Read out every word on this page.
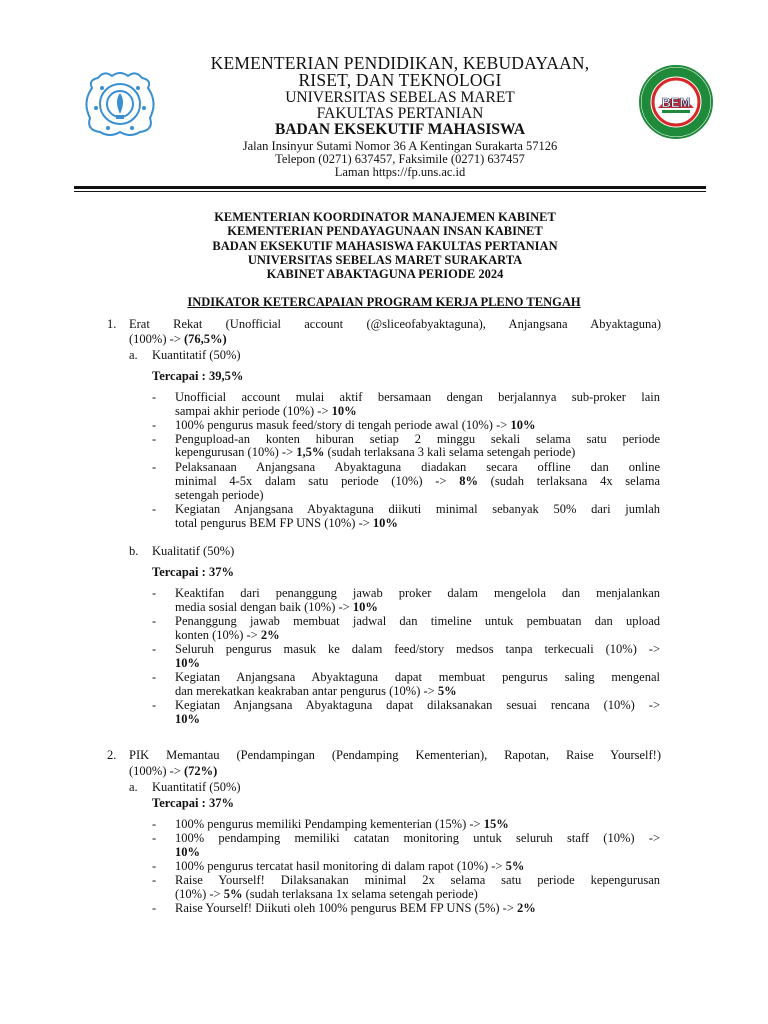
BEM
KEMENTERIAN PENDIDIKAN, KEBUDAYAAN,
RISET, DAN TEKNOLOGI
UNIVERSITAS SEBELAS MARET
FAKULTAS PERTANIAN
BADAN EKSEKUTIF MAHASISWA
Jalan Insinyur Sutami Nomor 36 A Kentingan Surakarta 57126
Telepon (0271) 637457, Faksimile (0271) 637457
Laman https://fp.uns.ac.id
KEMENTERIAN KOORDINATOR MANAJEMEN KABINET
KEMENTERIAN PENDAYAGUNAAN INSAN KABINET
BADAN EKSEKUTIF MAHASISWA FAKULTAS PERTANIAN
UNIVERSITAS SEBELAS MARET SURAKARTA
KABINET ABAKTAGUNA PERIODE 2024
INDIKATOR KETERCAPAIAN PROGRAM KERJA PLENO TENGAH
1. Erat Rekat (Unofficial account (@sliceofabyaktaguna), Anjangsana Abyaktaguna)
(100%) -> (76,5%)
a. Kuantitatif (50%)
Tercapai : 39,5%
- Unofficial account mulai aktif bersamaan dengan berjalannya sub-proker lain
sampai akhir periode (10%) -> 10%
- 100% pengurus masuk feed/story di tengah periode awal (10%) -> 10%
- Pengupload-an konten hiburan setiap 2 minggu sekali selama satu periode
kepengurusan (10%) -> 1,5% (sudah terlaksana 3 kali selama setengah periode)
- Pelaksanaan Anjangsana Abyaktaguna diadakan secara offline dan online
minimal 4-5x dalam satu periode (10%) -> 8% (sudah terlaksana 4x selama
setengah periode)
- Kegiatan Anjangsana Abyaktaguna diikuti minimal sebanyak 50% dari jumlah
total pengurus BEM FP UNS (10%) -> 10%
b. Kualitatif (50%)
Tercapai : 37%
- Keaktifan dari penanggung jawab proker dalam mengelola dan menjalankan
media sosial dengan baik (10%) -> 10%
- Penanggung jawab membuat jadwal dan timeline untuk pembuatan dan upload
konten (10%) -> 2%
- Seluruh pengurus masuk ke dalam feed/story medsos tanpa terkecuali (10%) ->
10%
- Kegiatan Anjangsana Abyaktaguna dapat membuat pengurus saling mengenal
dan merekatkan keakraban antar pengurus (10%) -> 5%
- Kegiatan Anjangsana Abyaktaguna dapat dilaksanakan sesuai rencana (10%) ->
10%
2. PIK Memantau (Pendampingan (Pendamping Kementerian), Rapotan, Raise Yourself!)
(100%) -> (72%)
a. Kuantitatif (50%)
Tercapai : 37%
- 100% pengurus memiliki Pendamping kementerian (15%) -> 15%
- 100% pendamping memiliki catatan monitoring untuk seluruh staff (10%) ->
10%
- 100% pengurus tercatat hasil monitoring di dalam rapot (10%) -> 5%
- Raise Yourself! Dilaksanakan minimal 2x selama satu periode kepengurusan
(10%) -> 5% (sudah terlaksana 1x selama setengah periode)
- Raise Yourself! Diikuti oleh 100% pengurus BEM FP UNS (5%) -> 2%
